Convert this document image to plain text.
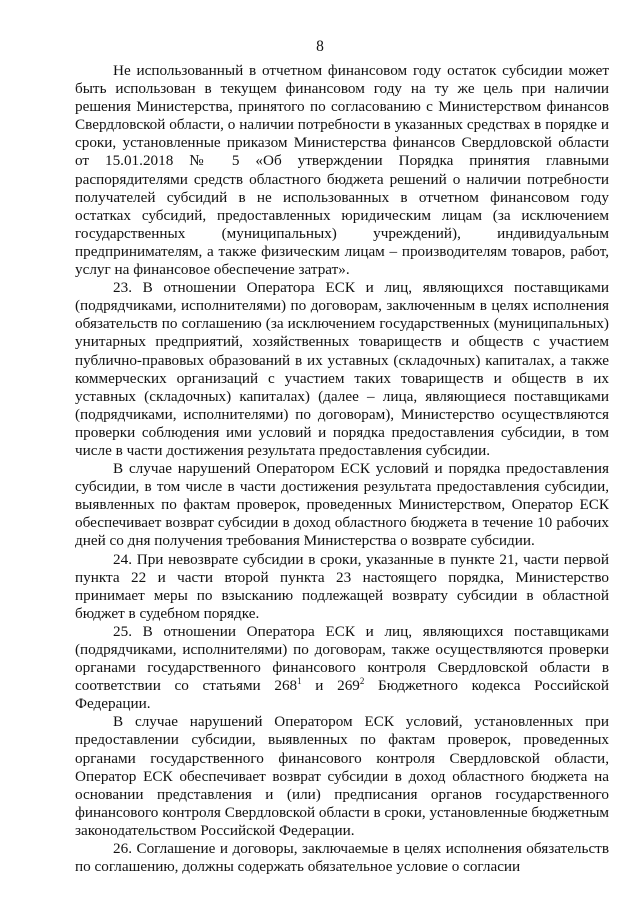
8

Не использованный в отчетном финансовом году остаток субсидии может быть использован в текущем финансовом году на ту же цель при наличии решения Министерства, принятого по согласованию с Министерством финансов Свердловской области, о наличии потребности в указанных средствах в порядке и сроки, установленные приказом Министерства финансов Свердловской области от 15.01.2018 № 5 «Об утверждении Порядка принятия главными распорядителями средств областного бюджета решений о наличии потребности получателей субсидий в не использованных в отчетном финансовом году остатках субсидий, предоставленных юридическим лицам (за исключением государственных (муниципальных) учреждений), индивидуальным предпринимателям, а также физическим лицам – производителям товаров, работ, услуг на финансовое обеспечение затрат».

23. В отношении Оператора ЕСК и лиц, являющихся поставщиками (подрядчиками, исполнителями) по договорам, заключенным в целях исполнения обязательств по соглашению (за исключением государственных (муниципальных) унитарных предприятий, хозяйственных товариществ и обществ с участием публично-правовых образований в их уставных (складочных) капиталах, а также коммерческих организаций с участием таких товариществ и обществ в их уставных (складочных) капиталах) (далее – лица, являющиеся поставщиками (подрядчиками, исполнителями) по договорам), Министерство осуществляются проверки соблюдения ими условий и порядка предоставления субсидии, в том числе в части достижения результата предоставления субсидии.

В случае нарушений Оператором ЕСК условий и порядка предоставления субсидии, в том числе в части достижения результата предоставления субсидии, выявленных по фактам проверок, проведенных Министерством, Оператор ЕСК обеспечивает возврат субсидии в доход областного бюджета в течение 10 рабочих дней со дня получения требования Министерства о возврате субсидии.

24. При невозврате субсидии в сроки, указанные в пункте 21, части первой пункта 22 и части второй пункта 23 настоящего порядка, Министерство принимает меры по взысканию подлежащей возврату субсидии в областной бюджет в судебном порядке.

25. В отношении Оператора ЕСК и лиц, являющихся поставщиками (подрядчиками, исполнителями) по договорам, также осуществляются проверки органами государственного финансового контроля Свердловской области в соответствии со статьями $268^1$ и $269^2$ Бюджетного кодекса Российской Федерации.

В случае нарушений Оператором ЕСК условий, установленных при предоставлении субсидии, выявленных по фактам проверок, проведенных органами государственного финансового контроля Свердловской области, Оператор ЕСК обеспечивает возврат субсидии в доход областного бюджета на основании представления и (или) предписания органов государственного финансового контроля Свердловской области в сроки, установленные бюджетным законодательством Российской Федерации.

26. Соглашение и договоры, заключаемые в целях исполнения обязательств по соглашению, должны содержать обязательное условие о согласии
